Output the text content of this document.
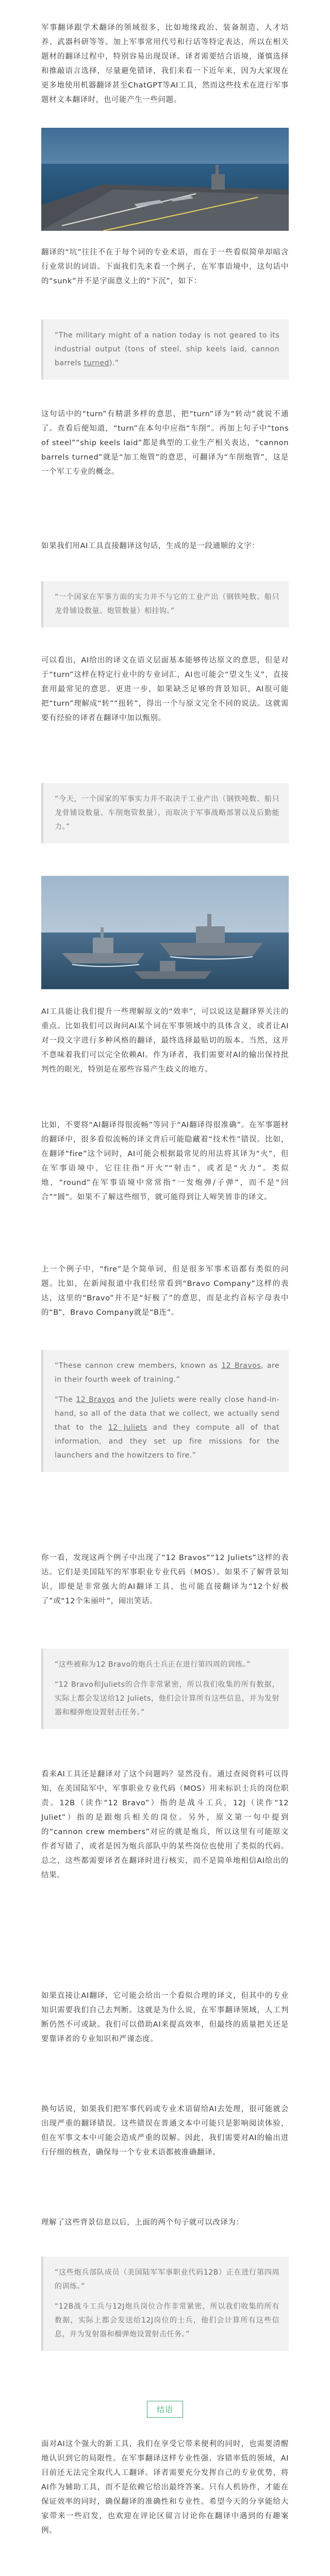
军事翻译跟学术翻译的领域很多，比如地缘政治、装备制造、人才培养、武器科研等等。加上军事常用代号和行话等特定表达，所以在相关题材的翻译过程中，特别容易出现误译。译者需要结合语境，谨慎选择和推敲语言选择，尽量避免错译，我们来看一下近年来，因为大家现在更多地使用机器翻译甚至ChatGPT等AI工具，然而这些技术在进行军事题材文本翻译时，也可能产生一些问题。

翻译的“坑”往往不在于每个词的专业术语，而在于一些看似简单却暗含行业常识的词语。下面我们先来看一个例子，在军事语境中，这句话中的“sunk”并不是字面意义上的“下沉”，如下：

“The military might of a nation today is not geared to its industrial output (tons of steel, ship keels laid, cannon barrels turned).”

这句话中的“turn”有精湛多样的意思，把“turn”译为“转动”就说不通了。查看后便知道，“turn”在本句中应指“车削”。再加上句子中“tons of steel”“ship keels laid”都是典型的工业生产相关表达，“cannon barrels turned”就是“加工炮管”的意思，可翻译为“车削炮管”，这是一个军工专业的概念。

如果我们用AI工具直接翻译这句话，生成的是一段通顺的文字：

“一个国家在军事方面的实力并不与它的工业产出（钢铁吨数、船只龙骨铺设数量、炮管数量）相挂钩。”

可以看出，AI给出的译文在语义层面基本能够传达原文的意思，但是对于“turn”这样在特定行业中的专业词汇，AI也可能会“望文生义”，直接套用最常见的意思。更进一步，如果缺乏足够的背景知识，AI很可能把“turn”理解成“转”“扭转”，得出一个与原文完全不同的说法。这就需要有经验的译者在翻译中加以甄别。

“今天，一个国家的军事实力并不取决于工业产出（钢铁吨数、船只龙骨铺设数量、车削炮管数量），而取决于军事战略部署以及后勤能力。”

AI工具能让我们提升一些理解原文的“效率”，可以说这是翻译界关注的重点。比如我们可以询问AI某个词在军事领域中的具体含义，或者让AI对一段文字进行多种风格的翻译，最终选择最贴切的版本。当然，这并不意味着我们可以完全依赖AI。作为译者，我们需要对AI的输出保持批判性的眼光，特别是在那些容易产生歧义的地方。

比如，不要将“AI翻译得很流畅”等同于“AI翻译得很准确”。在军事题材的翻译中，很多看似流畅的译文背后可能隐藏着“技术性”错误。比如，在翻译“fire”这个词时，AI可能会根据最常见的用法将其译为“火”，但在军事语境中，它往往指“开火”“射击”，或者是“火力”。类似地，“round”在军事语境中常常指“一发炮弹/子弹”，而不是“回合”“圆”。如果不了解这些细节，就可能得到让人啼笑皆非的译文。

上一个例子中，“fire”是个简单词，但是很多军事术语都有类似的问题。比如，在新闻报道中我们经常看到“Bravo Company”这样的表达，这里的“Bravo”并不是“好极了”的意思，而是北约音标字母表中的“B”，Bravo Company就是“B连”。

“These cannon crew members, known as 12 Bravos, are in their fourth week of training.”

“The 12 Bravos and the Juliets were really close hand-in-hand, so all of the data that we collect, we actually send that to the 12 Juliets and they compute all of that information, and they set up fire missions for the launchers and the howitzers to fire.”

你一看，发现这两个例子中出现了“12 Bravos”“12 Juliets”这样的表达。它们是美国陆军的军事职业专业代码（MOS）。如果不了解背景知识，即便是非常强大的AI翻译工具，也可能直接翻译为“12个好极了”或“12个朱丽叶”，闹出笑话。

“这些被称为12 Bravo的炮兵士兵正在进行第四周的训练。”

“12 Bravo和Juliets的合作非常紧密，所以我们收集的所有数据，实际上都会发送给12 Juliets，他们会计算所有这些信息，并为发射器和榴弹炮设置射击任务。”

看来AI工具还是翻译对了这个问题吗？显然没有。通过查阅资料可以得知，在美国陆军中，军事职业专业代码（MOS）用来标识士兵的岗位职责。12B（读作“12 Bravo”）指的是战斗工兵，12J（读作“12 Juliet”）指的是跟炮兵相关的岗位。另外，原文第一句中提到的“cannon crew members”对应的就是炮兵，所以这里有可能原文作者写错了，或者是因为炮兵部队中的某些岗位也使用了类似的代码。总之，这些都需要译者在翻译时进行核实，而不是简单地相信AI给出的结果。

如果直接让AI翻译，它可能会给出一个看似合理的译文，但其中的专业知识需要我们自己去判断。这就是为什么说，在军事翻译领域，人工判断仍然不可或缺。我们可以借助AI来提高效率，但最终的质量把关还是要靠译者的专业知识和严谨态度。

换句话说，如果我们把军事代码或专业术语留给AI去处理，很可能就会出现严重的翻译错误。这些错误在普通文本中可能只是影响阅读体验，但在军事文本中可能会造成严重的误解。因此，我们需要对AI的输出进行仔细的核查，确保每一个专业术语都被准确翻译。

理解了这些背景信息以后，上面的两个句子就可以改译为：

“这些炮兵部队成员（美国陆军军事职业代码12B）正在进行第四周的训练。”

“12B战斗工兵与12J炮兵岗位合作非常紧密，所以我们收集的所有数据，实际上都会发送给12J岗位的士兵，他们会计算所有这些信息，并为发射器和榴弹炮设置射击任务。”

结语

面对AI这个强大的新工具，我们在享受它带来便利的同时，也需要清醒地认识到它的局限性。在军事翻译这样专业性强、容错率低的领域，AI目前还无法完全取代人工翻译。译者需要充分发挥自己的专业优势，将AI作为辅助工具，而不是依赖它给出最终答案。只有人机协作，才能在保证效率的同时，确保翻译的准确性和专业性。希望今天的分享能给大家带来一些启发，也欢迎在评论区留言讨论你在翻译中遇到的有趣案例。
